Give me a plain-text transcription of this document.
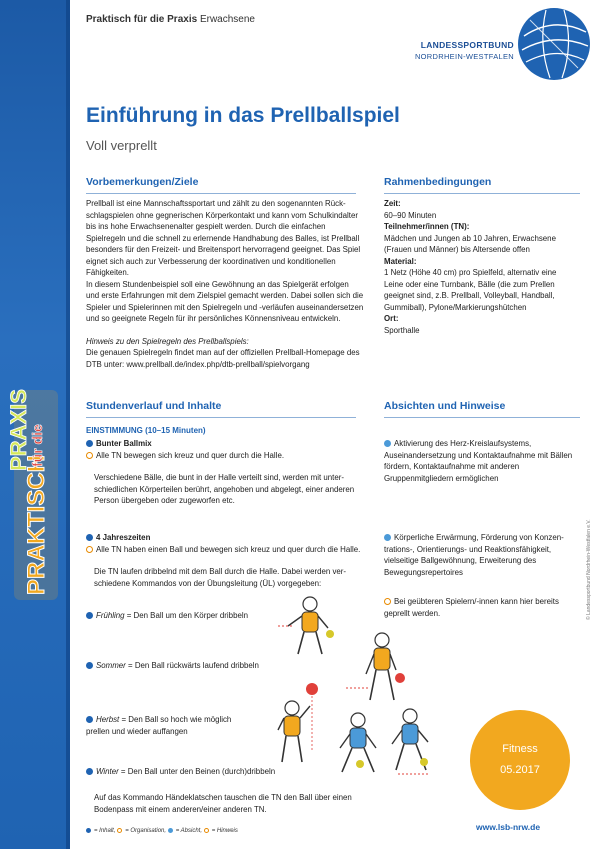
PRAKTISCH
für die
PRAXIS
Praktisch für die Praxis Erwachsene
LANDESSPORTBUND
NORDRHEIN-WESTFALEN
Einführung in das Prellballspiel
Voll verprellt
Vorbemerkungen/Ziele

Prellball ist eine Mannschaftssportart und zählt zu den sogenannten Rück-schlagspielen ohne gegnerischen Körperkontakt und kann vom Schulkindalter bis ins hohe Erwachsenenalter gespielt werden. Durch die einfachen Spielregeln und die schnell zu erlernende Handhabung des Balles, ist Prellball besonders für den Freizeit- und Breitensport hervorragend geeignet. Das Spiel eignet sich auch zur Verbesserung der koordinativen und konditionellen Fähigkeiten.

In diesem Stundenbeispiel soll eine Gewöhnung an das Spielgerät erfolgen und erste Erfahrungen mit dem Zielspiel gemacht werden. Dabei sollen sich die Spieler und Spielerinnen mit den Spielregeln und -verläufen auseinandersetzen und so geeignete Regeln für ihr persönliches Könnensniveau entwickeln.

Hinweis zu den Spielregeln des Prellballspiels:

Die genauen Spielregeln findet man auf der offiziellen Prellball-Homepage des DTB unter: www.prellball.de/index.php/dtb-prellball/spielvorgang

Rahmenbedingungen

Zeit:

60–90 Minuten

Teilnehmer/innen (TN):

Mädchen und Jungen ab 10 Jahren, Erwachsene (Frauen und Männer) bis Altersende offen

Material:

1 Netz (Höhe 40 cm) pro Spielfeld, alternativ eine Leine oder eine Turnbank, Bälle (die zum Prellen geeignet sind, z.B. Prellball, Volleyball, Handball, Gummiball), Pylone/Markierungshütchen

Ort:

Sporthalle

Stundenverlauf und Inhalte	Absichten und Hinweise
EINSTIMMUNG (10–15 Minuten)

Bunter Ballmix

Alle TN bewegen sich kreuz und quer durch die Halle.

Verschiedene Bälle, die bunt in der Halle verteilt sind, werden mit unter-schiedlichen Körperteilen berührt, angehoben und abgelegt, einer anderen Person übergeben oder zugeworfen etc.

4 Jahreszeiten

Alle TN haben einen Ball und bewegen sich kreuz und quer durch die Halle.

Die TN laufen dribbelnd mit dem Ball durch die Halle. Dabei werden ver-schiedene Kommandos von der Übungsleitung (ÜL) vorgegeben:

Frühling = Den Ball um den Körper dribbeln
Sommer = Den Ball rückwärts laufend dribbeln
Herbst = Den Ball so hoch wie möglich prellen und wieder auffangen
Winter = Den Ball unter den Beinen (durch)dribbeln
Auf das Kommando Händeklatschen tauschen die TN den Ball über einen Bodenpass mit einem anderen/einer anderen TN.
Aktivierung des Herz-Kreislaufsystems, Auseinandersetzung und Kontaktaufnahme mit Bällen fördern, Kontaktaufnahme mit anderen Gruppenmitgliedern ermöglichen
Körperliche Erwärmung, Förderung von Konzen-trations-, Orientierungs- und Reaktionsfähigkeit, vielseitige Ballgewöhnung, Erweiterung des Bewegungsrepertoires
Bei geübteren Spielern/-innen kann hier bereits geprellt werden.
Fitness
05.2017
www.lsb-nrw.de
= Inhalt, = Organisation, = Absicht, = Hinweis
© Landessportbund Nordrhein-Westfalen e.V.
